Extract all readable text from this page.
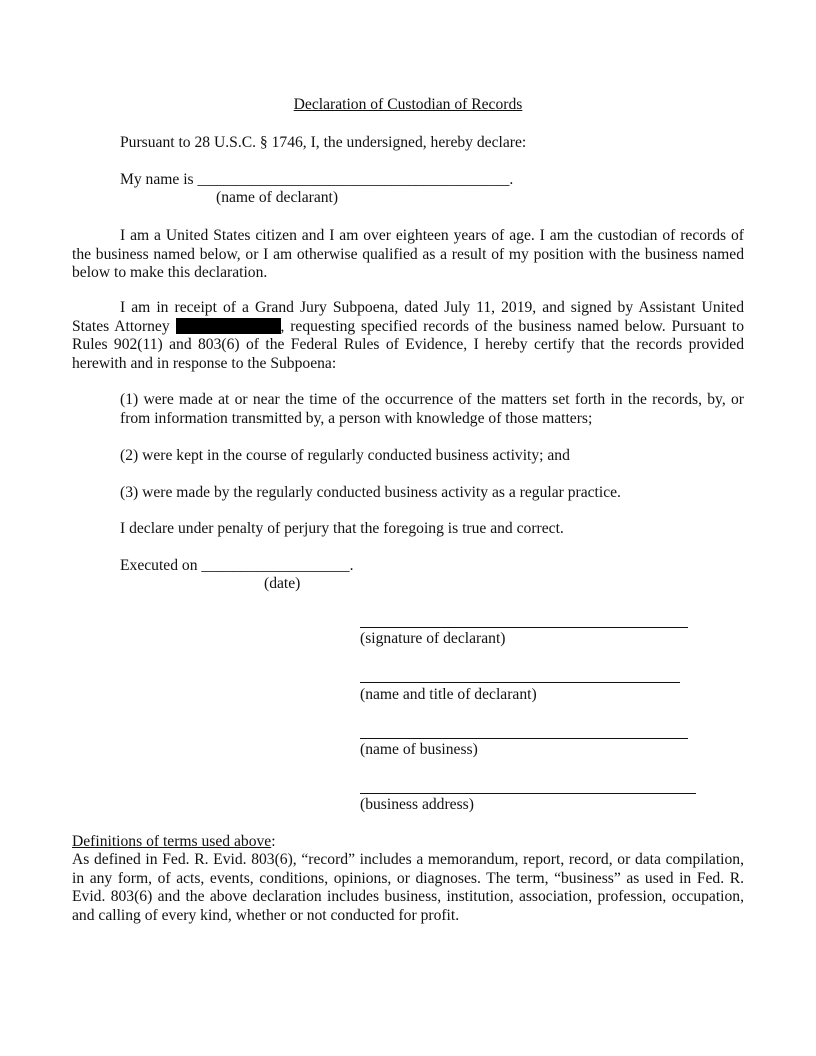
Declaration of Custodian of Records
Pursuant to 28 U.S.C. § 1746, I, the undersigned, hereby declare:
My name is ________________________________________.
(name of declarant)
I am a United States citizen and I am over eighteen years of age. I am the custodian of records of the business named below, or I am otherwise qualified as a result of my position with the business named below to make this declaration.
I am in receipt of a Grand Jury Subpoena, dated July 11, 2019, and signed by Assistant United States Attorney	, requesting specified records of the business named below. Pursuant to Rules 902(11) and 803(6) of the Federal Rules of Evidence, I hereby certify that the records provided herewith and in response to the Subpoena:
(1) were made at or near the time of the occurrence of the matters set forth in the records, by, or from information transmitted by, a person with knowledge of those matters;
(2) were kept in the course of regularly conducted business activity; and
(3) were made by the regularly conducted business activity as a regular practice.
I declare under penalty of perjury that the foregoing is true and correct.
Executed on ___________________.
(date)
(signature of declarant)
(name and title of declarant)
(name of business)
(business address)
Definitions of terms used above:
As defined in Fed. R. Evid. 803(6), “record” includes a memorandum, report, record, or data compilation, in any form, of acts, events, conditions, opinions, or diagnoses. The term, “business” as used in Fed. R. Evid. 803(6) and the above declaration includes business, institution, association, profession, occupation, and calling of every kind, whether or not conducted for profit.
